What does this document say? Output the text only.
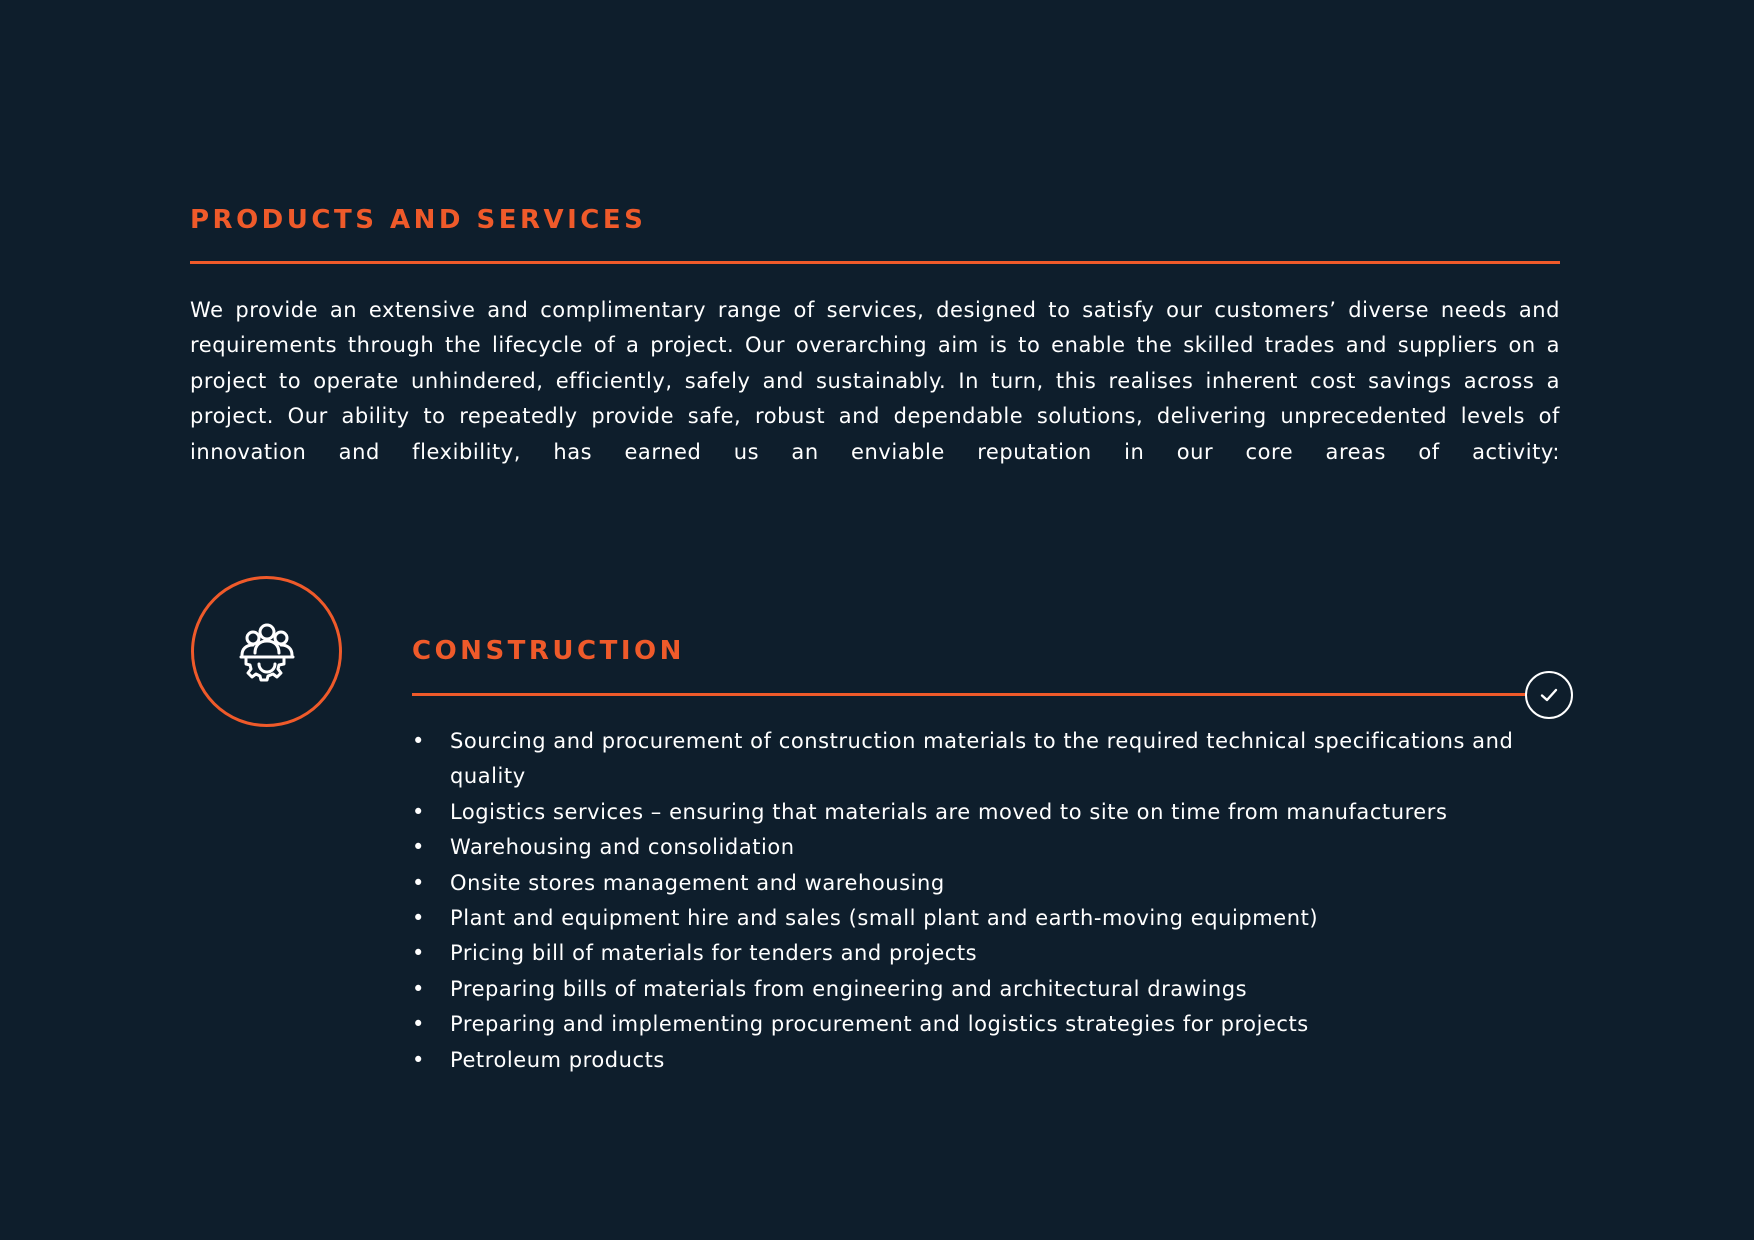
PRODUCTS AND SERVICES

We provide an extensive and complimentary range of services, designed to satisfy our customers’ diverse needs and requirements through the lifecycle of a project. Our overarching aim is to enable the skilled trades and suppliers on a project to operate unhindered, efficiently, safely and sustainably. In turn, this realises inherent cost savings across a project. Our ability to repeatedly provide safe, robust and dependable solutions, delivering unprecedented levels of innovation and flexibility, has earned us an enviable reputation in our core areas of activity:

CONSTRUCTION
• Sourcing and procurement of construction materials to the required technical specifications and quality
• Logistics services – ensuring that materials are moved to site on time from manufacturers
• Warehousing and consolidation
• Onsite stores management and warehousing
• Plant and equipment hire and sales (small plant and earth-moving equipment)
• Pricing bill of materials for tenders and projects
• Preparing bills of materials from engineering and architectural drawings
• Preparing and implementing procurement and logistics strategies for projects
• Petroleum products
